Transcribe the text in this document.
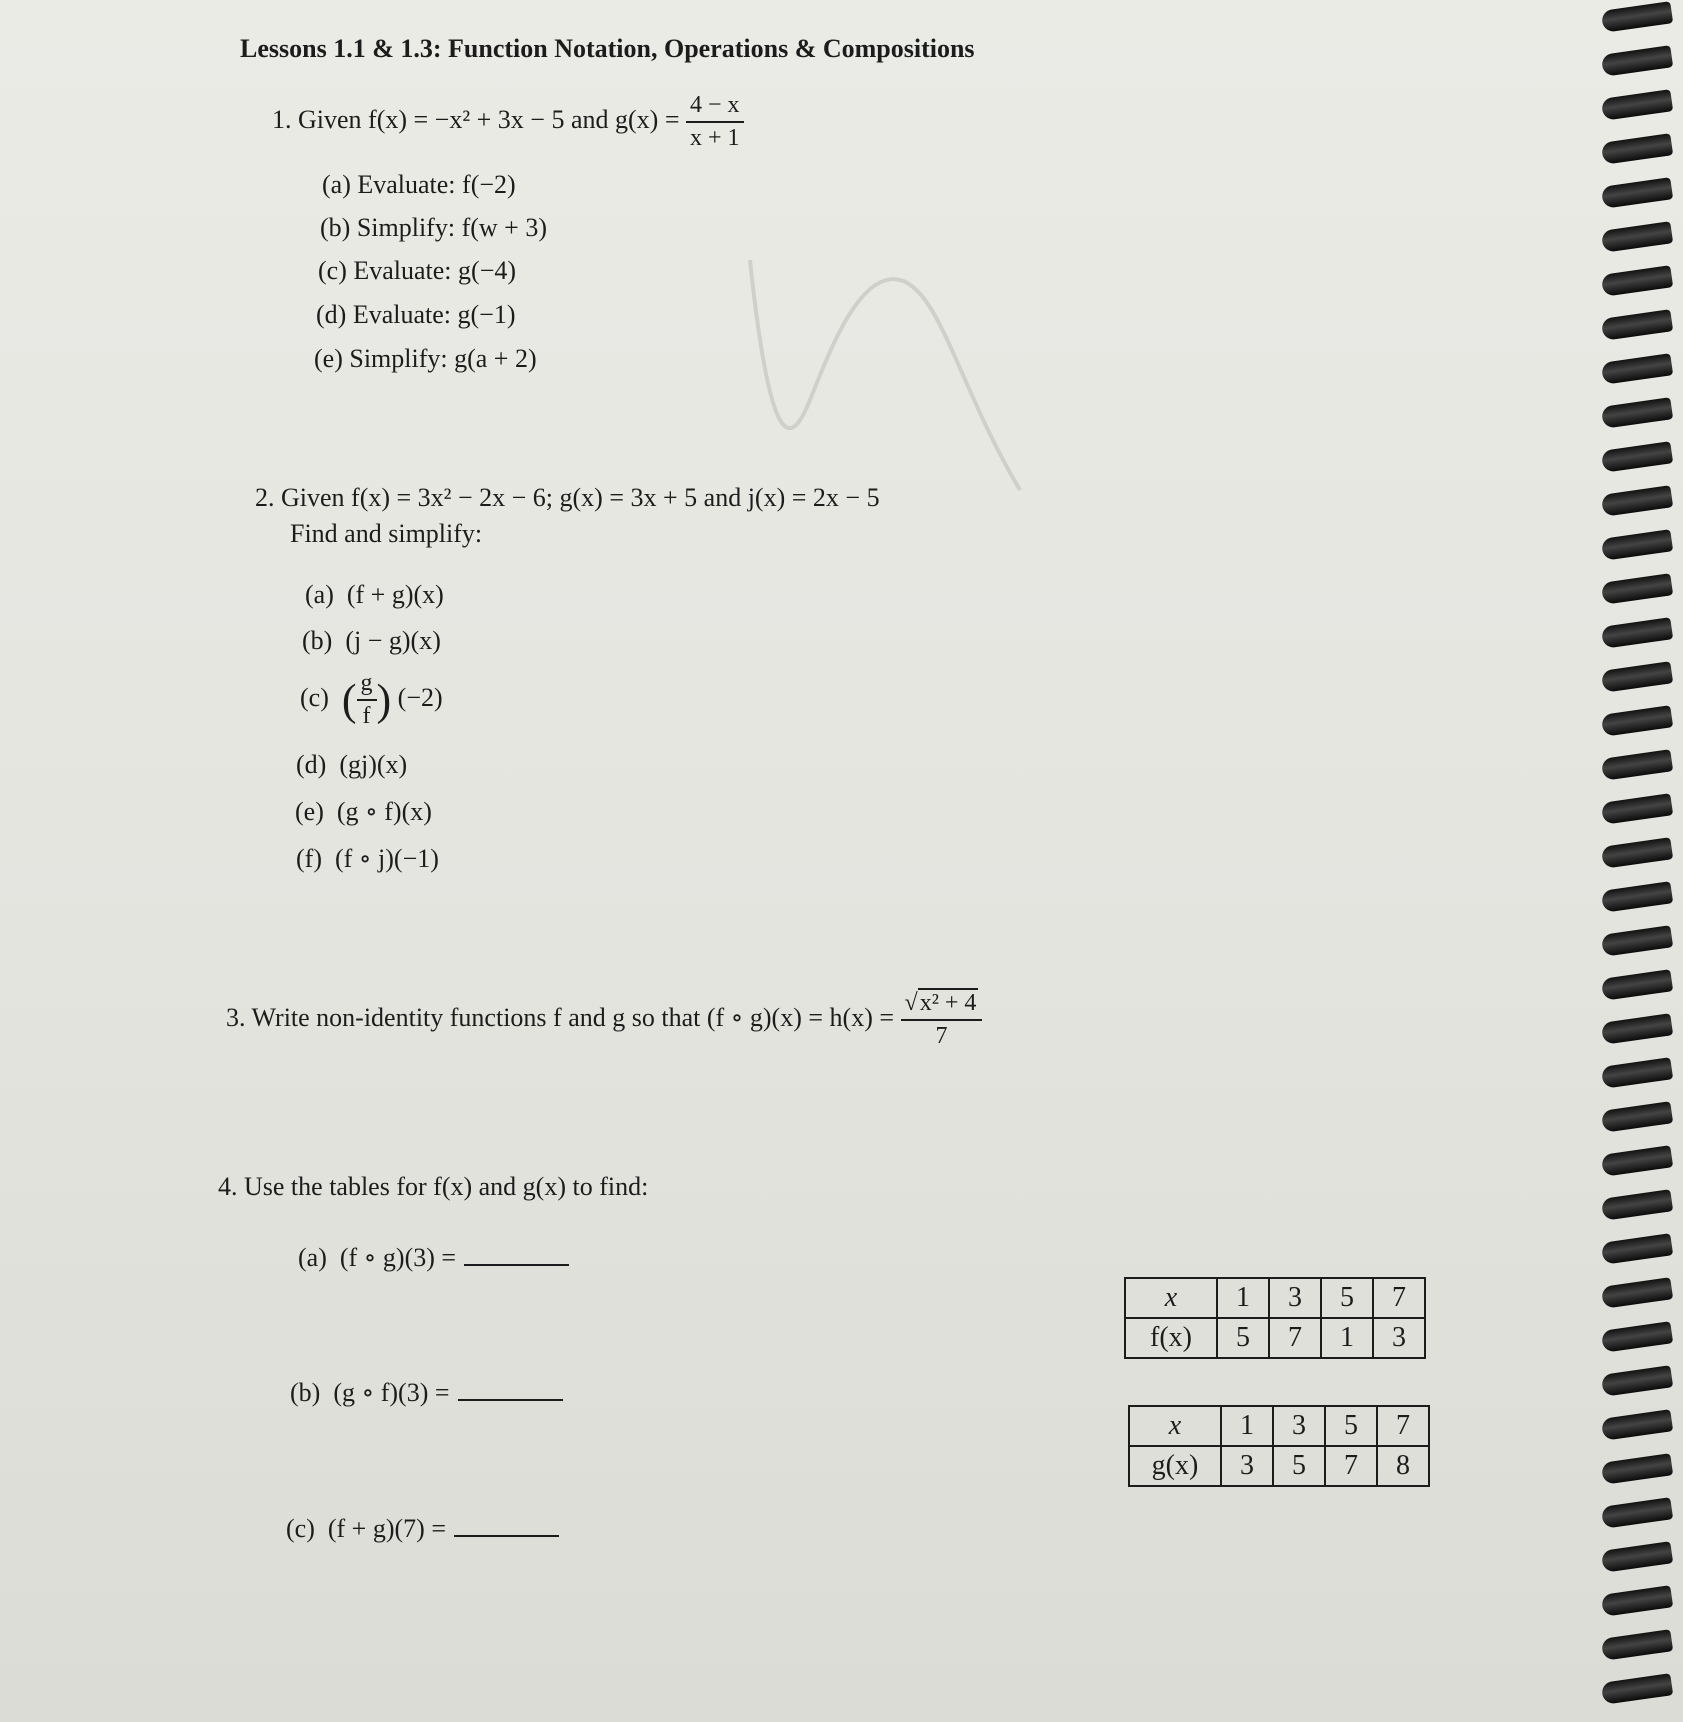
Lessons 1.1 & 1.3: Function Notation, Operations & Compositions
1. Given f(x) = −x² + 3x − 5 and $g(x) = \frac{4 - x}{x + 1}$
(a) Evaluate: f(−2)
(b) Simplify: f(w + 3)
(c) Evaluate: g(−4)
(d) Evaluate: g(−1)
(e) Simplify: g(a + 2)
2. Given f(x) = 3x² − 2x − 6; g(x) = 3x + 5 and j(x) = 2x − 5
Find and simplify:
(a) (f + g)(x)
(b) (j − g)(x)
(c) ( $\frac{g}{f}$ ) (−2)
(d) (gj)(x)
(e) (g ∘ f)(x)
(f) (f ∘ j)(−1)
3. Write non-identity functions f and g so that (f ∘ $g)(x) = h(x) = \frac{\text{√x² + 4}}{7}$
4. Use the tables for f(x) and g(x) to find:
(a) (f ∘ g)(3) =
(b) (g ∘ f)(3) =
(c) (f + g)(7) =
x	1	3	5	7
f(x)	5	7	1	3
x	1	3	5	7
g(x)	3	5	7	8
